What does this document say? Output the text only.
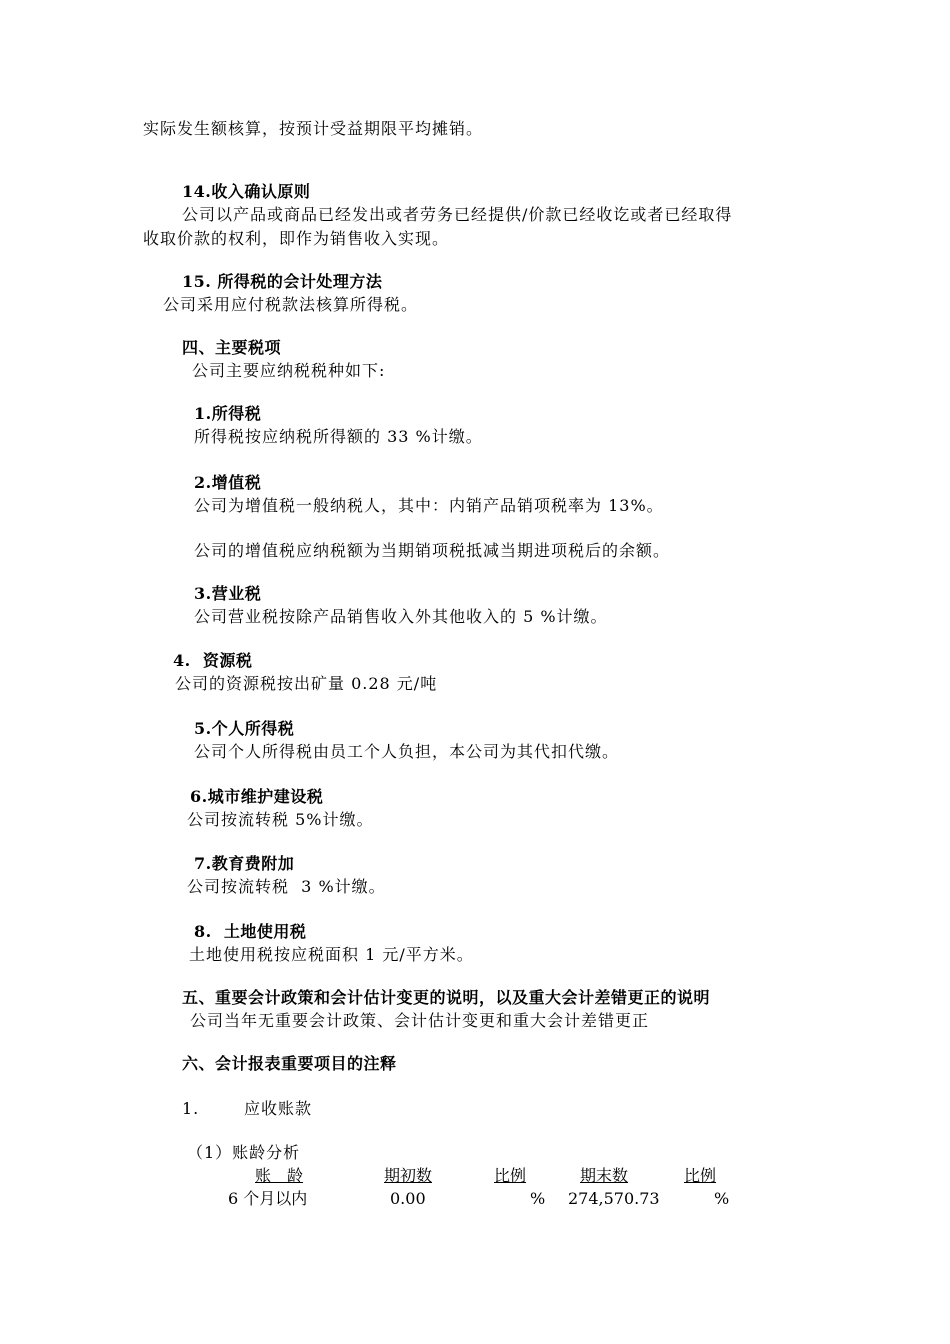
实际发生额核算，按预计受益期限平均摊销。
14.收入确认原则
公司以产品或商品已经发出或者劳务已经提供/价款已经收讫或者已经取得
收取价款的权利，即作为销售收入实现。
15. 所得税的会计处理方法
公司采用应付税款法核算所得税。
四、主要税项
公司主要应纳税税种如下:
1.所得税
所得税按应纳税所得额的 33 %计缴。
2.增值税
公司为增值税一般纳税人，其中：内销产品销项税率为 13%。
公司的增值税应纳税额为当期销项税抵减当期进项税后的余额。
3.营业税
公司营业税按除产品销售收入外其他收入的 5 %计缴。
4.  资源税
公司的资源税按出矿量 0.28 元/吨
5.个人所得税
公司个人所得税由员工个人负担，本公司为其代扣代缴。
6.城市维护建设税
公司按流转税 5%计缴。
7.教育费附加
公司按流转税  3 %计缴。
8.  土地使用税
土地使用税按应税面积 1 元/平方米。
五、重要会计政策和会计估计变更的说明，以及重大会计差错更正的说明
公司当年无重要会计政策、会计估计变更和重大会计差错更正
六、会计报表重要项目的注释
1.	应收账款
（1）账龄分析
账　龄	期初数	比例	期末数	比例
6 个月以内	0.00	% 274,570.73	%
